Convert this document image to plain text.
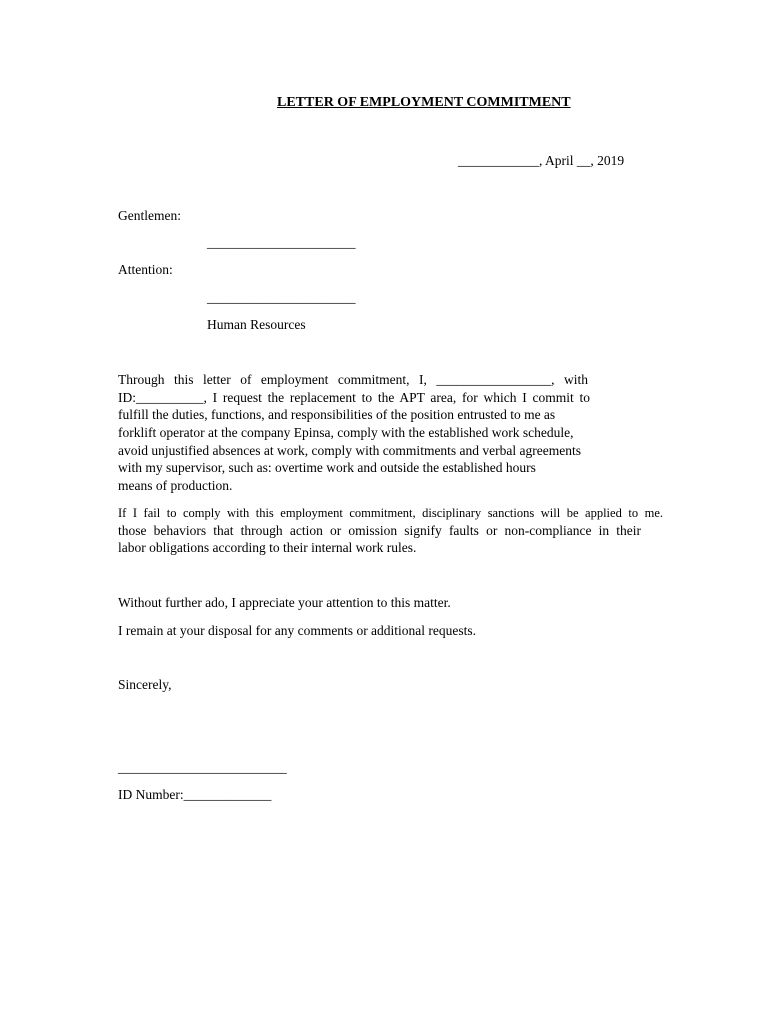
LETTER OF EMPLOYMENT COMMITMENT
____________, April __, 2019
Gentlemen:
______________________
Attention:
______________________
Human Resources
Through this letter of employment commitment, I, _________________, with
ID:__________, I request the replacement to the APT area, for which I commit to
fulfill the duties, functions, and responsibilities of the position entrusted to me as
forklift operator at the company Epinsa, comply with the established work schedule,
avoid unjustified absences at work, comply with commitments and verbal agreements
with my supervisor, such as: overtime work and outside the established hours
means of production.
If I fail to comply with this employment commitment, disciplinary sanctions will be applied to me.
those behaviors that through action or omission signify faults or non-compliance in their
labor obligations according to their internal work rules.
Without further ado, I appreciate your attention to this matter.
I remain at your disposal for any comments or additional requests.
Sincerely,
_________________________
ID Number:_____________
